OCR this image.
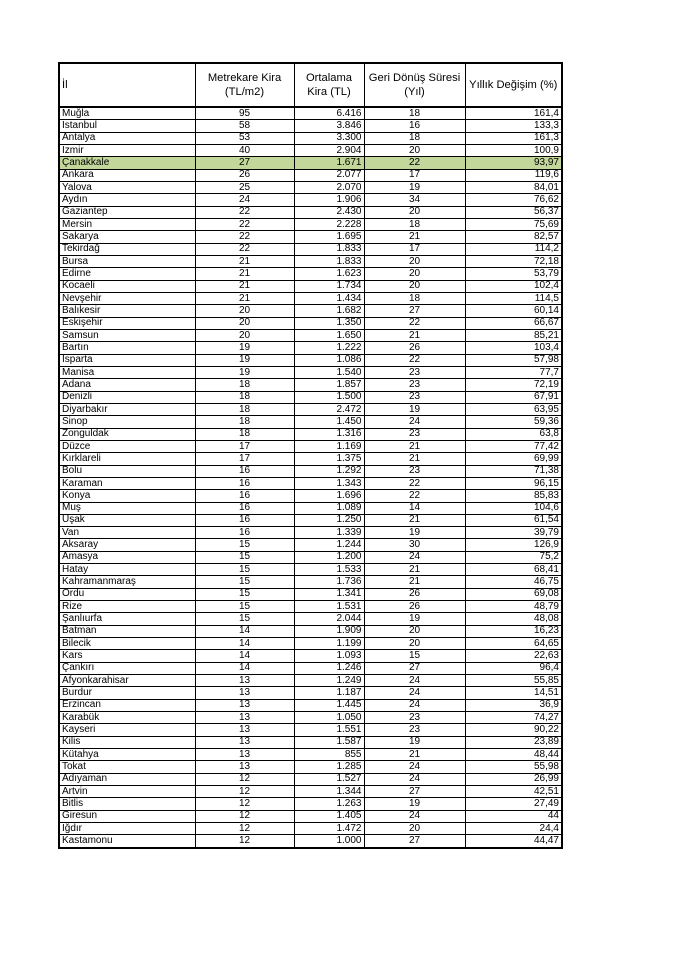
İl	Metrekare Kira (TL/m2)	Ortalama Kira (TL)	Geri Dönüş Süresi (Yıl)	Yıllık Değişim (%)
Muğla	95	6.416	18	161,4
İstanbul	58	3.846	16	133,3
Antalya	53	3.300	18	161,3
İzmir	40	2.904	20	100,9
Çanakkale	27	1.671	22	93,97
Ankara	26	2.077	17	119,6
Yalova	25	2.070	19	84,01
Aydın	24	1.906	34	76,62
Gaziantep	22	2.430	20	56,37
Mersin	22	2.228	18	75,69
Sakarya	22	1.695	21	82,57
Tekirdağ	22	1.833	17	114,2
Bursa	21	1.833	20	72,18
Edirne	21	1.623	20	53,79
Kocaeli	21	1.734	20	102,4
Nevşehir	21	1.434	18	114,5
Balıkesir	20	1.682	27	60,14
Eskişehir	20	1.350	22	66,67
Samsun	20	1.650	21	85,21
Bartın	19	1.222	26	103,4
Isparta	19	1.086	22	57,98
Manisa	19	1.540	23	77,7
Adana	18	1.857	23	72,19
Denizli	18	1.500	23	67,91
Diyarbakır	18	2.472	19	63,95
Sinop	18	1.450	24	59,36
Zonguldak	18	1.316	23	63,8
Düzce	17	1.169	21	77,42
Kırklareli	17	1.375	21	69,99
Bolu	16	1.292	23	71,38
Karaman	16	1.343	22	96,15
Konya	16	1.696	22	85,83
Muş	16	1.089	14	104,6
Uşak	16	1.250	21	61,54
Van	16	1.339	19	39,79
Aksaray	15	1.244	30	126,9
Amasya	15	1.200	24	75,2
Hatay	15	1.533	21	68,41
Kahramanmaraş	15	1.736	21	46,75
Ordu	15	1.341	26	69,08
Rize	15	1.531	26	48,79
Şanlıurfa	15	2.044	19	48,08
Batman	14	1.909	20	16,23
Bilecik	14	1.199	20	64,65
Kars	14	1.093	15	22,63
Çankırı	14	1.246	27	96,4
Afyonkarahisar	13	1.249	24	55,85
Burdur	13	1.187	24	14,51
Erzincan	13	1.445	24	36,9
Karabük	13	1.050	23	74,27
Kayseri	13	1.551	23	90,22
Kilis	13	1.587	19	23,89
Kütahya	13	855	21	48,44
Tokat	13	1.285	24	55,98
Adıyaman	12	1.527	24	26,99
Artvin	12	1.344	27	42,51
Bitlis	12	1.263	19	27,49
Giresun	12	1.405	24	44
Iğdır	12	1.472	20	24,4
Kastamonu	12	1.000	27	44,47
